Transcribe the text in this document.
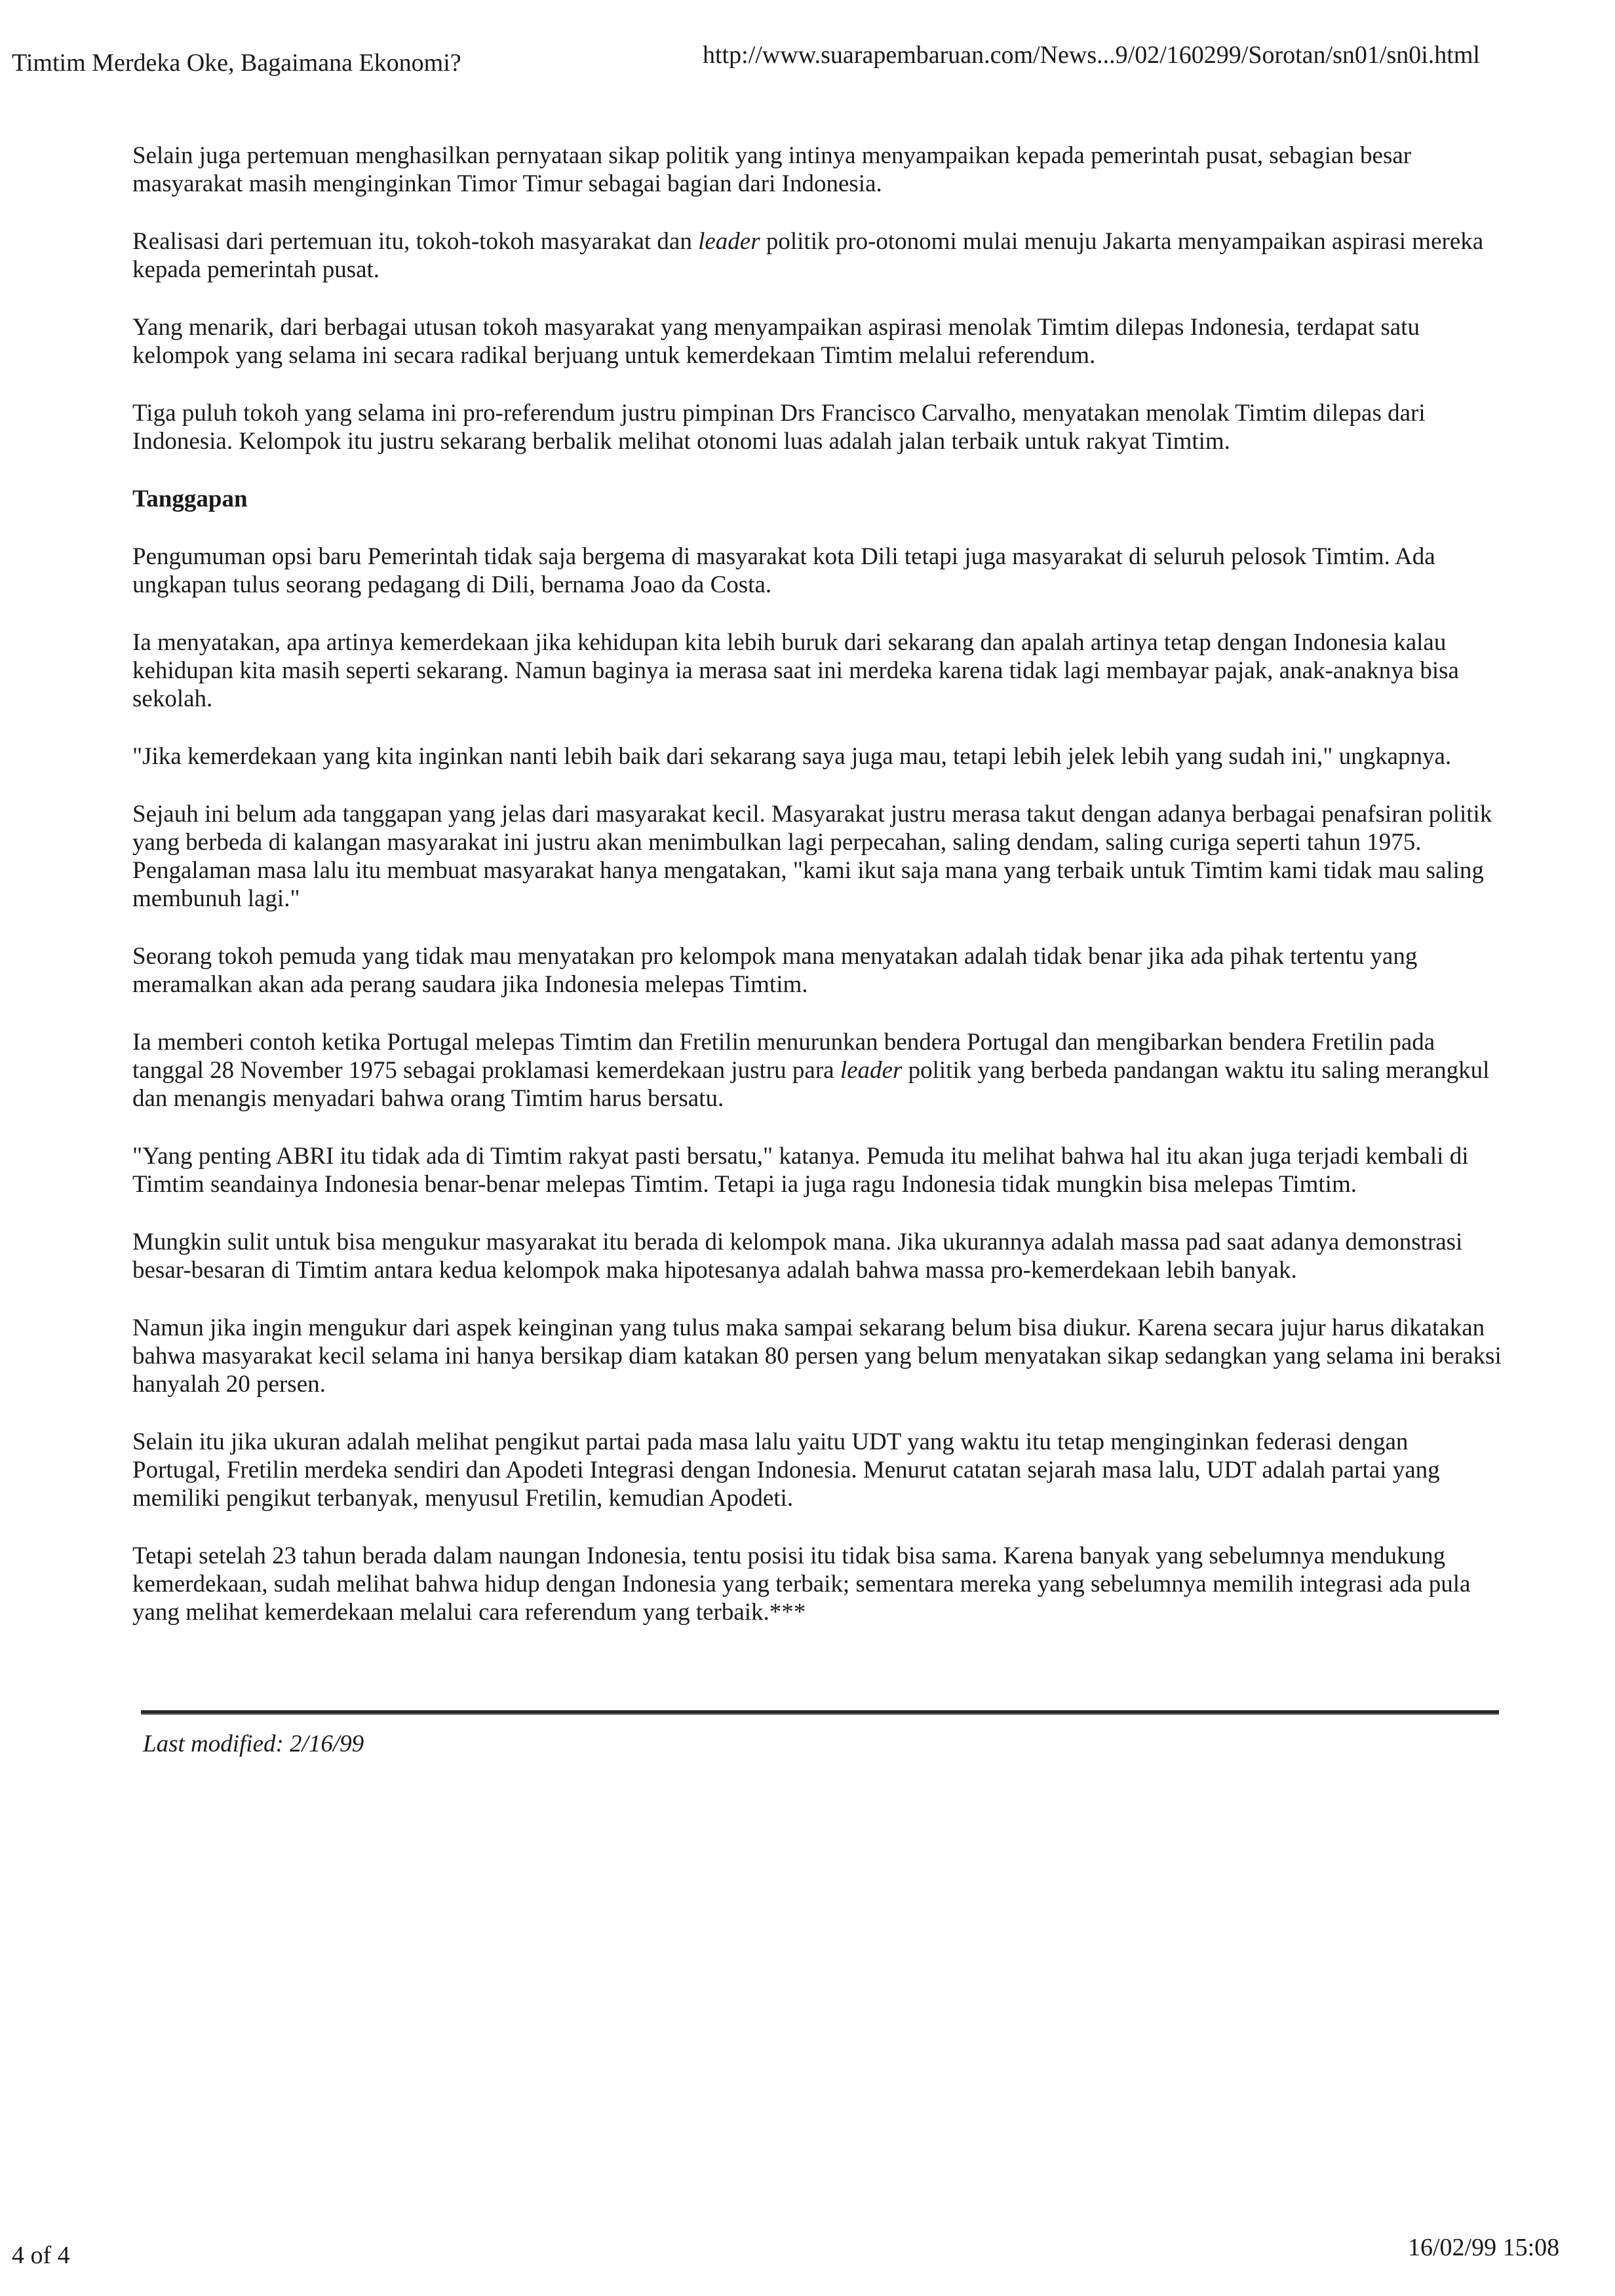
Timtim Merdeka Oke, Bagaimana Ekonomi?	http://www.suarapembaruan.com/News...9/02/160299/Sorotan/sn01/sn0i.html

Selain juga pertemuan menghasilkan pernyataan sikap politik yang intinya menyampaikan kepada pemerintah pusat, sebagian besar masyarakat masih menginginkan Timor Timur sebagai bagian dari Indonesia.

Realisasi dari pertemuan itu, tokoh-tokoh masyarakat dan leader politik pro-otonomi mulai menuju Jakarta menyampaikan aspirasi mereka kepada pemerintah pusat.

Yang menarik, dari berbagai utusan tokoh masyarakat yang menyampaikan aspirasi menolak Timtim dilepas Indonesia, terdapat satu kelompok yang selama ini secara radikal berjuang untuk kemerdekaan Timtim melalui referendum.

Tiga puluh tokoh yang selama ini pro-referendum justru pimpinan Drs Francisco Carvalho, menyatakan menolak Timtim dilepas dari Indonesia. Kelompok itu justru sekarang berbalik melihat otonomi luas adalah jalan terbaik untuk rakyat Timtim.

Tanggapan

Pengumuman opsi baru Pemerintah tidak saja bergema di masyarakat kota Dili tetapi juga masyarakat di seluruh pelosok Timtim. Ada ungkapan tulus seorang pedagang di Dili, bernama Joao da Costa.

Ia menyatakan, apa artinya kemerdekaan jika kehidupan kita lebih buruk dari sekarang dan apalah artinya tetap dengan Indonesia kalau kehidupan kita masih seperti sekarang. Namun baginya ia merasa saat ini merdeka karena tidak lagi membayar pajak, anak-anaknya bisa sekolah.

"Jika kemerdekaan yang kita inginkan nanti lebih baik dari sekarang saya juga mau, tetapi lebih jelek lebih yang sudah ini," ungkapnya.

Sejauh ini belum ada tanggapan yang jelas dari masyarakat kecil. Masyarakat justru merasa takut dengan adanya berbagai penafsiran politik yang berbeda di kalangan masyarakat ini justru akan menimbulkan lagi perpecahan, saling dendam, saling curiga seperti tahun 1975. Pengalaman masa lalu itu membuat masyarakat hanya mengatakan, "kami ikut saja mana yang terbaik untuk Timtim kami tidak mau saling membunuh lagi."

Seorang tokoh pemuda yang tidak mau menyatakan pro kelompok mana menyatakan adalah tidak benar jika ada pihak tertentu yang meramalkan akan ada perang saudara jika Indonesia melepas Timtim.

Ia memberi contoh ketika Portugal melepas Timtim dan Fretilin menurunkan bendera Portugal dan mengibarkan bendera Fretilin pada tanggal 28 November 1975 sebagai proklamasi kemerdekaan justru para leader politik yang berbeda pandangan waktu itu saling merangkul dan menangis menyadari bahwa orang Timtim harus bersatu.

"Yang penting ABRI itu tidak ada di Timtim rakyat pasti bersatu," katanya. Pemuda itu melihat bahwa hal itu akan juga terjadi kembali di Timtim seandainya Indonesia benar-benar melepas Timtim. Tetapi ia juga ragu Indonesia tidak mungkin bisa melepas Timtim.

Mungkin sulit untuk bisa mengukur masyarakat itu berada di kelompok mana. Jika ukurannya adalah massa pad saat adanya demonstrasi besar-besaran di Timtim antara kedua kelompok maka hipotesanya adalah bahwa massa pro-kemerdekaan lebih banyak.

Namun jika ingin mengukur dari aspek keinginan yang tulus maka sampai sekarang belum bisa diukur. Karena secara jujur harus dikatakan bahwa masyarakat kecil selama ini hanya bersikap diam katakan 80 persen yang belum menyatakan sikap sedangkan yang selama ini beraksi hanyalah 20 persen.

Selain itu jika ukuran adalah melihat pengikut partai pada masa lalu yaitu UDT yang waktu itu tetap menginginkan federasi dengan Portugal, Fretilin merdeka sendiri dan Apodeti Integrasi dengan Indonesia. Menurut catatan sejarah masa lalu, UDT adalah partai yang memiliki pengikut terbanyak, menyusul Fretilin, kemudian Apodeti.

Tetapi setelah 23 tahun berada dalam naungan Indonesia, tentu posisi itu tidak bisa sama. Karena banyak yang sebelumnya mendukung kemerdekaan, sudah melihat bahwa hidup dengan Indonesia yang terbaik; sementara mereka yang sebelumnya memilih integrasi ada pula yang melihat kemerdekaan melalui cara referendum yang terbaik.***

Last modified: 2/16/99
4 of 4	16/02/99 15:08
